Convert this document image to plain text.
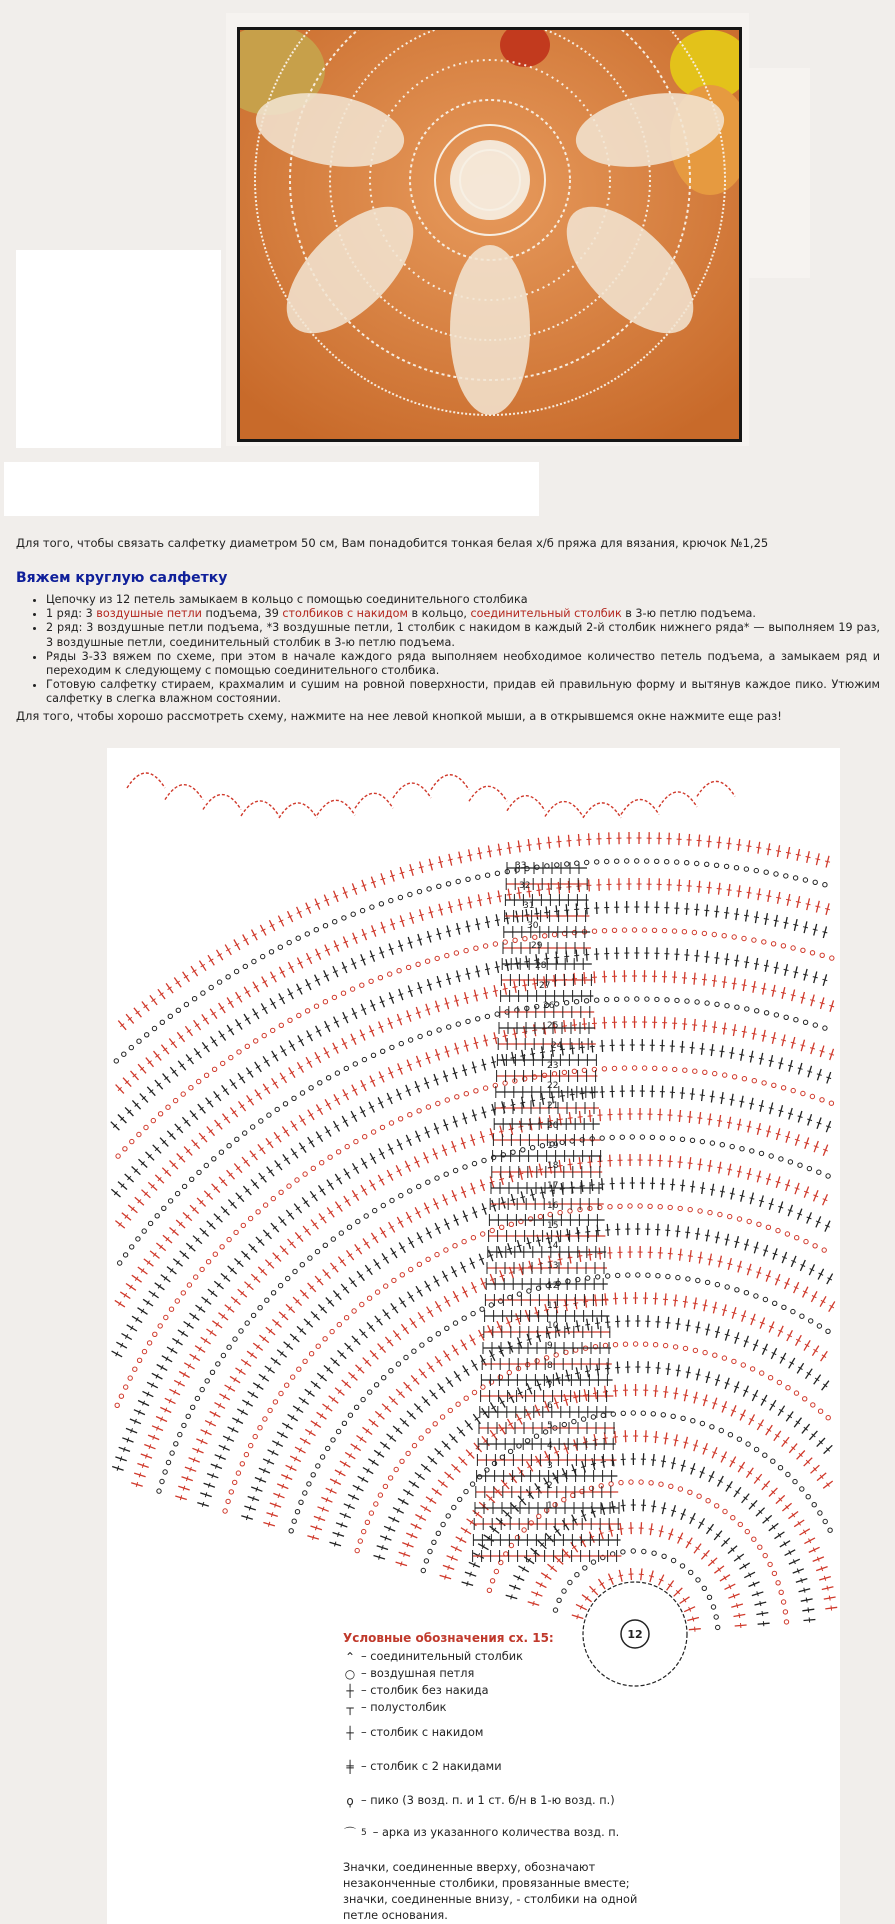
Для того, чтобы связать салфетку диаметром 50 см, Вам понадобится тонкая белая х/б пряжа для вязания, крючок №1,25
Вяжем круглую салфетку
• Цепочку из 12 петель замыкаем в кольцо с помощью соединительного столбика
• 1 ряд: 3 воздушные петли подъема, 39 столбиков с накидом в кольцо, соединительный столбик в 3-ю петлю подъема.
• 2 ряд: 3 воздушные петли подъема, *3 воздушные петли, 1 столбик с накидом в каждый 2-й столбик нижнего ряда* — выполняем 19 раз, 3 воздушные петли, соединительный столбик в 3-ю петлю подъема.
• Ряды 3-33 вяжем по схеме, при этом в начале каждого ряда выполняем необходимое количество петель подъема, а замыкаем ряд и переходим к следующему с помощью соединительного столбика.
• Готовую салфетку стираем, крахмалим и сушим на ровной поверхности, придав ей правильную форму и вытянув каждое пико. Утюжим салфетку в слегка влажном состоянии.
Для того, чтобы хорошо рассмотреть схему, нажмите на нее левой кнопкой мыши, а в открывшемся окне нажмите еще раз!
12
33
32
31
30
29
28
27
26
25
24
23
22
21
20
19
18
17
16
15
14
13
12
11
10
9
8
7
6
5
4
3
2
1
Условные обозначения сх. 15:
⌃ – соединительный столбик
○ – воздушная петля
┼ – столбик без накида
┬ – полустолбик
┼ – столбик с накидом
╪ – столбик с 2 накидами
ϙ – пико (3 возд. п. и 1 ст. б/н в 1-ю возд. п.)
⌒ 5 – арка из указанного количества возд. п.
Значки, соединенные вверху, обозначают незаконченные столбики, провязанные вместе; значки, соединенные внизу, - столбики на одной петле основания.
